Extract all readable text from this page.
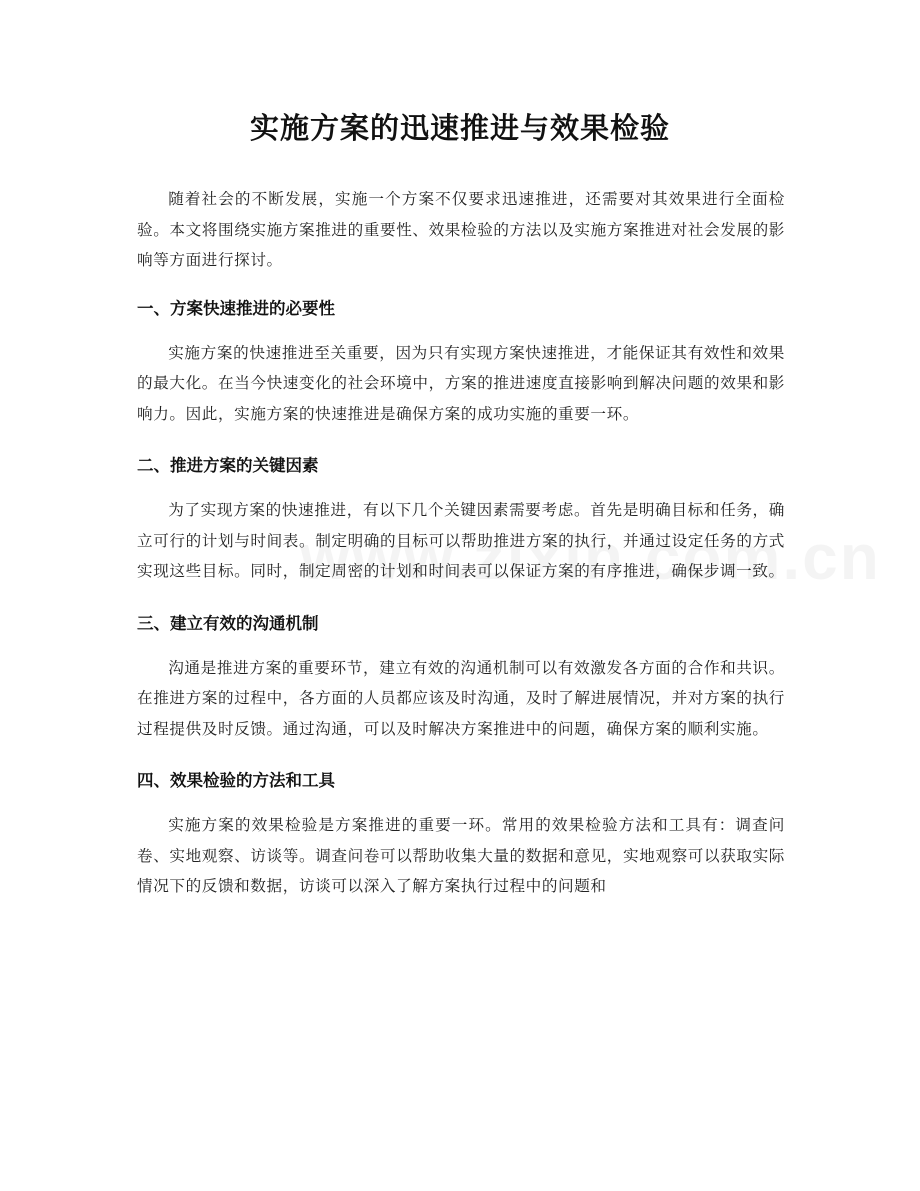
实施方案的迅速推进与效果检验

随着社会的不断发展，实施一个方案不仅要求迅速推进，还需要对其效果进行全面检验。本文将围绕实施方案推进的重要性、效果检验的方法以及实施方案推进对社会发展的影响等方面进行探讨。

一、方案快速推进的必要性

实施方案的快速推进至关重要，因为只有实现方案快速推进，才能保证其有效性和效果的最大化。在当今快速变化的社会环境中，方案的推进速度直接影响到解决问题的效果和影响力。因此，实施方案的快速推进是确保方案的成功实施的重要一环。

二、推进方案的关键因素

为了实现方案的快速推进，有以下几个关键因素需要考虑。首先是明确目标和任务，确立可行的计划与时间表。制定明确的目标可以帮助推进方案的执行，并通过设定任务的方式实现这些目标。同时，制定周密的计划和时间表可以保证方案的有序推进，确保步调一致。

三、建立有效的沟通机制

沟通是推进方案的重要环节，建立有效的沟通机制可以有效激发各方面的合作和共识。在推进方案的过程中，各方面的人员都应该及时沟通，及时了解进展情况，并对方案的执行过程提供及时反馈。通过沟通，可以及时解决方案推进中的问题，确保方案的顺利实施。

四、效果检验的方法和工具

实施方案的效果检验是方案推进的重要一环。常用的效果检验方法和工具有：调查问卷、实地观察、访谈等。调查问卷可以帮助收集大量的数据和意见，实地观察可以获取实际情况下的反馈和数据，访谈可以深入了解方案执行过程中的问题和
